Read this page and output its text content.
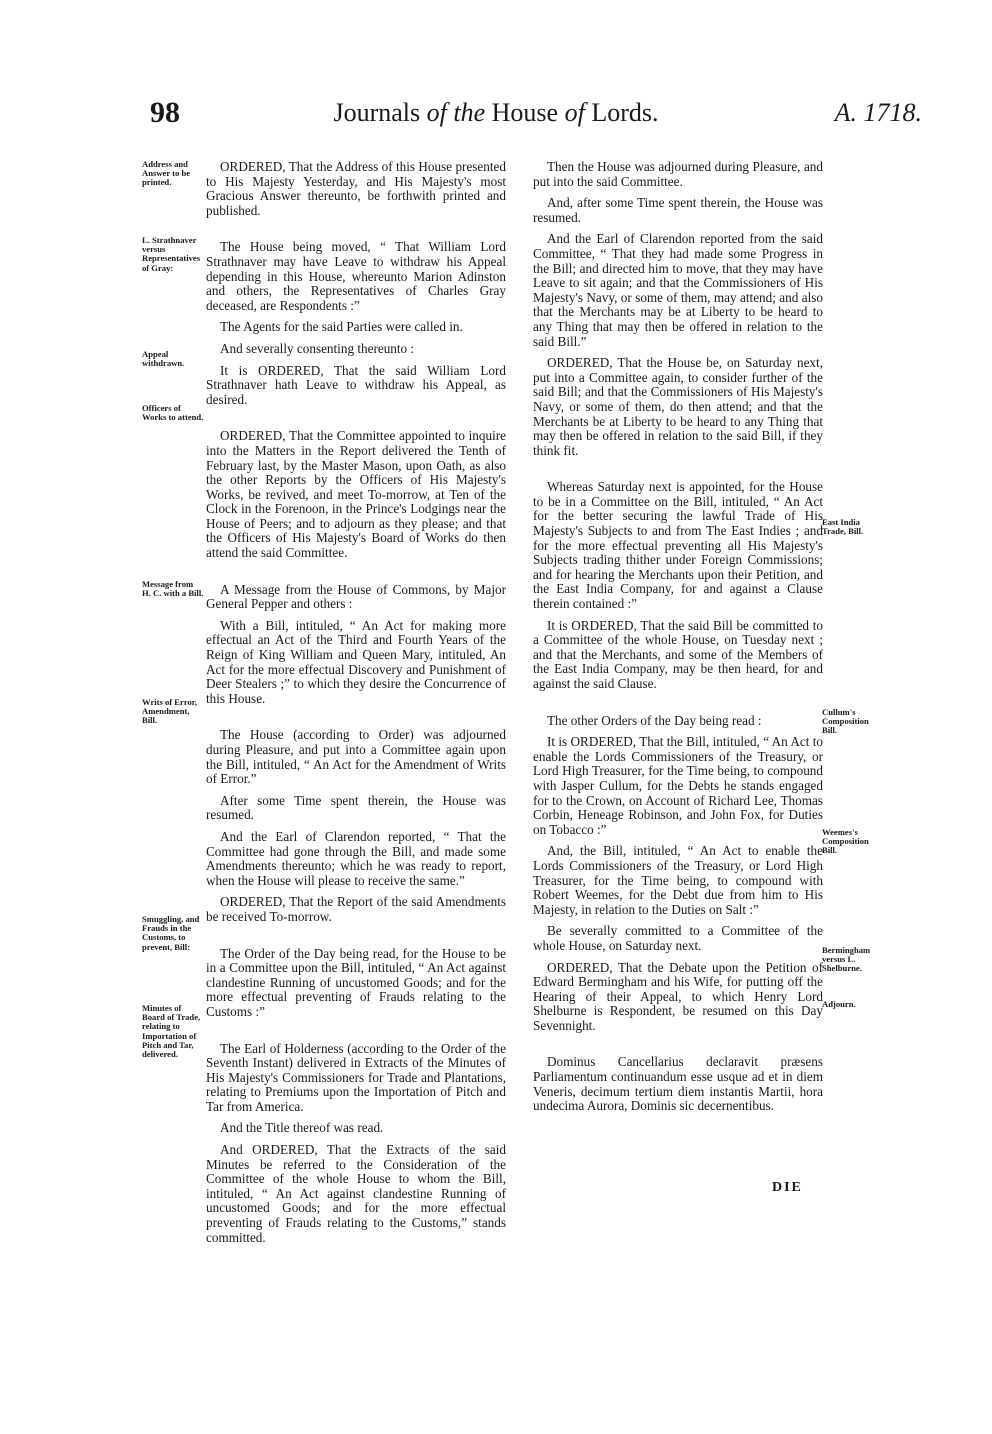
98	Journals of the House of Lords.	A. 1718.
Address and Answer to be printed.
L. Strathnaver versus Representatives of Gray:
Appeal withdrawn.
Officers of Works to attend.
Message from H. C. with a Bill.
Writs of Error, Amendment, Bill.
Smuggling, and Frauds in the Customs, to prevent, Bill:
Minutes of Board of Trade, relating to Importation of Pitch and Tar, delivered.
East India Trade, Bill.
Cullum's Composition Bill.
Weemes's Composition Bill.
Bermingham versus L. Shelburne.
Adjourn.

ORDERED, That the Address of this House presented to His Majesty Yesterday, and His Majesty's most Gracious Answer thereunto, be forthwith printed and published.

The House being moved, “ That William Lord Strathnaver may have Leave to withdraw his Appeal depending in this House, whereunto Marion Adinston and others, the Representatives of Charles Gray deceased, are Respondents :”

The Agents for the said Parties were called in.

And severally consenting thereunto :

It is ORDERED, That the said William Lord Strathnaver hath Leave to withdraw his Appeal, as desired.

ORDERED, That the Committee appointed to inquire into the Matters in the Report delivered the Tenth of February last, by the Master Mason, upon Oath, as also the other Reports by the Officers of His Majesty's Works, be revived, and meet To-morrow, at Ten of the Clock in the Forenoon, in the Prince's Lodgings near the House of Peers; and to adjourn as they please; and that the Officers of His Majesty's Board of Works do then attend the said Committee.

A Message from the House of Commons, by Major General Pepper and others :

With a Bill, intituled, “ An Act for making more effectual an Act of the Third and Fourth Years of the Reign of King William and Queen Mary, intituled, An Act for the more effectual Discovery and Punishment of Deer Stealers ;” to which they desire the Concurrence of this House.

The House (according to Order) was adjourned during Pleasure, and put into a Committee again upon the Bill, intituled, “ An Act for the Amendment of Writs of Error.”

After some Time spent therein, the House was resumed.

And the Earl of Clarendon reported, “ That the Committee had gone through the Bill, and made some Amendments thereunto; which he was ready to report, when the House will please to receive the same.”

ORDERED, That the Report of the said Amendments be received To-morrow.

The Order of the Day being read, for the House to be in a Committee upon the Bill, intituled, “ An Act against clandestine Running of uncustomed Goods; and for the more effectual preventing of Frauds relating to the Customs :”

The Earl of Holderness (according to the Order of the Seventh Instant) delivered in Extracts of the Minutes of His Majesty's Commissioners for Trade and Plantations, relating to Premiums upon the Importation of Pitch and Tar from America.

And the Title thereof was read.

And ORDERED, That the Extracts of the said Minutes be referred to the Consideration of the Committee of the whole House to whom the Bill, intituled, “ An Act against clandestine Running of uncustomed Goods; and for the more effectual preventing of Frauds relating to the Customs,” stands committed.

Then the House was adjourned during Pleasure, and put into the said Committee.

And, after some Time spent therein, the House was resumed.

And the Earl of Clarendon reported from the said Committee, “ That they had made some Progress in the Bill; and directed him to move, that they may have Leave to sit again; and that the Commissioners of His Majesty's Navy, or some of them, may attend; and also that the Merchants may be at Liberty to be heard to any Thing that may then be offered in relation to the said Bill.”

ORDERED, That the House be, on Saturday next, put into a Committee again, to consider further of the said Bill; and that the Commissioners of His Majesty's Navy, or some of them, do then attend; and that the Merchants be at Liberty to be heard to any Thing that may then be offered in relation to the said Bill, if they think fit.

Whereas Saturday next is appointed, for the House to be in a Committee on the Bill, intituled, “ An Act for the better securing the lawful Trade of His Majesty's Subjects to and from The East Indies ; and for the more effectual preventing all His Majesty's Subjects trading thither under Foreign Commissions; and for hearing the Merchants upon their Petition, and the East India Company, for and against a Clause therein contained :”

It is ORDERED, That the said Bill be committed to a Committee of the whole House, on Tuesday next ; and that the Merchants, and some of the Members of the East India Company, may be then heard, for and against the said Clause.

The other Orders of the Day being read :

It is ORDERED, That the Bill, intituled, “ An Act to enable the Lords Commissioners of the Treasury, or Lord High Treasurer, for the Time being, to compound with Jasper Cullum, for the Debts he stands engaged for to the Crown, on Account of Richard Lee, Thomas Corbin, Heneage Robinson, and John Fox, for Duties on Tobacco :”

And, the Bill, intituled, “ An Act to enable the Lords Commissioners of the Treasury, or Lord High Treasurer, for the Time being, to compound with Robert Weemes, for the Debt due from him to His Majesty, in relation to the Duties on Salt :”

Be severally committed to a Committee of the whole House, on Saturday next.

ORDERED, That the Debate upon the Petition of Edward Bermingham and his Wife, for putting off the Hearing of their Appeal, to which Henry Lord Shelburne is Respondent, be resumed on this Day Sevennight.

Dominus Cancellarius declaravit præsens Parliamentum continuandum esse usque ad et in diem Veneris, decimum tertium diem instantis Martii, hora undecima Aurora, Dominis sic decernentibus.

DIE
